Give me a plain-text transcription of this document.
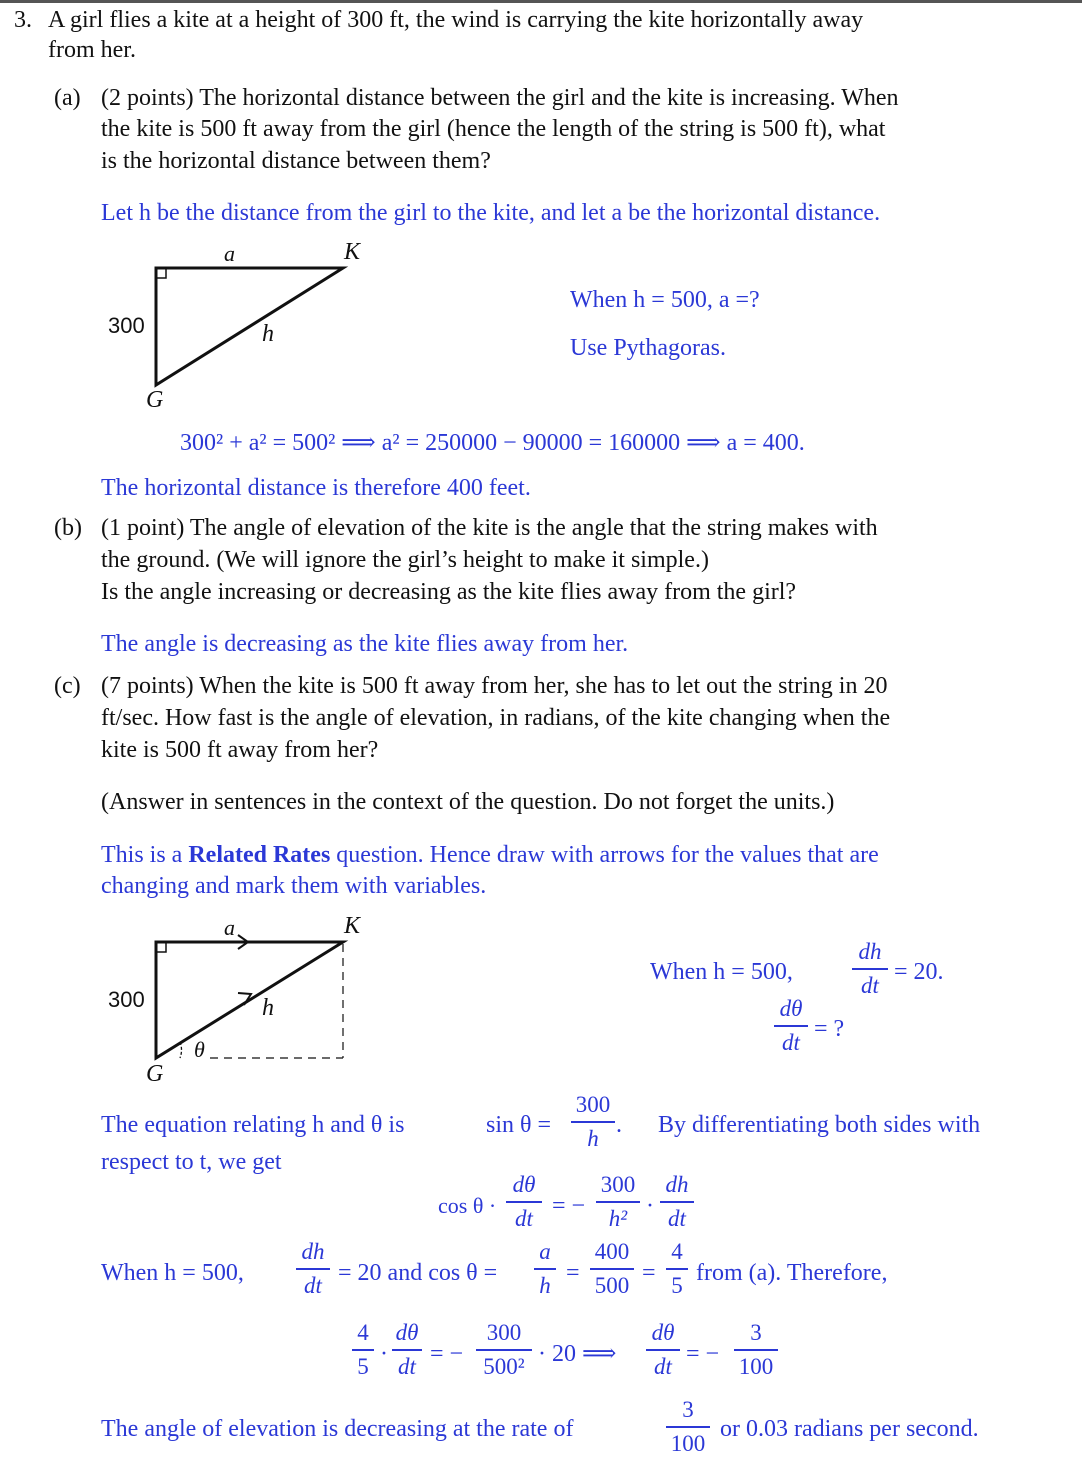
3. A girl flies a kite at a height of 300 ft, the wind is carrying the kite horizontally away
from her.
(a) (2 points) The horizontal distance between the girl and the kite is increasing. When
the kite is 500 ft away from the girl (hence the length of the string is 500 ft), what
is the horizontal distance between them?
Let h be the distance from the girl to the kite, and let a be the horizontal distance.
a	K
300	h
G
When h = 500, a =?
Use Pythagoras.
300² + a² = 500² ⟹ a² = 250000 − 90000 = 160000 ⟹ a = 400.
The horizontal distance is therefore 400 feet.
(b) (1 point) The angle of elevation of the kite is the angle that the string makes with
the ground. (We will ignore the girl’s height to make it simple.)
Is the angle increasing or decreasing as the kite flies away from the girl?
The angle is decreasing as the kite flies away from her.
(c) (7 points) When the kite is 500 ft away from her, she has to let out the string in 20
ft/sec. How fast is the angle of elevation, in radians, of the kite changing when the
kite is 500 ft away from her?
(Answer in sentences in the context of the question. Do not forget the units.)
This is a Related Rates question. Hence draw with arrows for the values that are
changing and mark them with variables.
a	K
300	h
θ
G
When h = 500,
dh
dt = 20.
dθ
dt = ?
The equation relating h and θ is	sin θ =
300
h . By differentiating both sides with
respect to t, we get
cos θ ·
dθ
dt = −
300
h² ·
dh
dt
When h = 500,
dh
dt = 20 and cos θ =
a
h =
400
500 =
4
5 from (a). Therefore,
4
5 ·
dθ
dt = −
300
500² · 20 ⟹
dθ
dt = −
3
100
The angle of elevation is decreasing at the rate of
3
100
or 0.03 radians per second.
